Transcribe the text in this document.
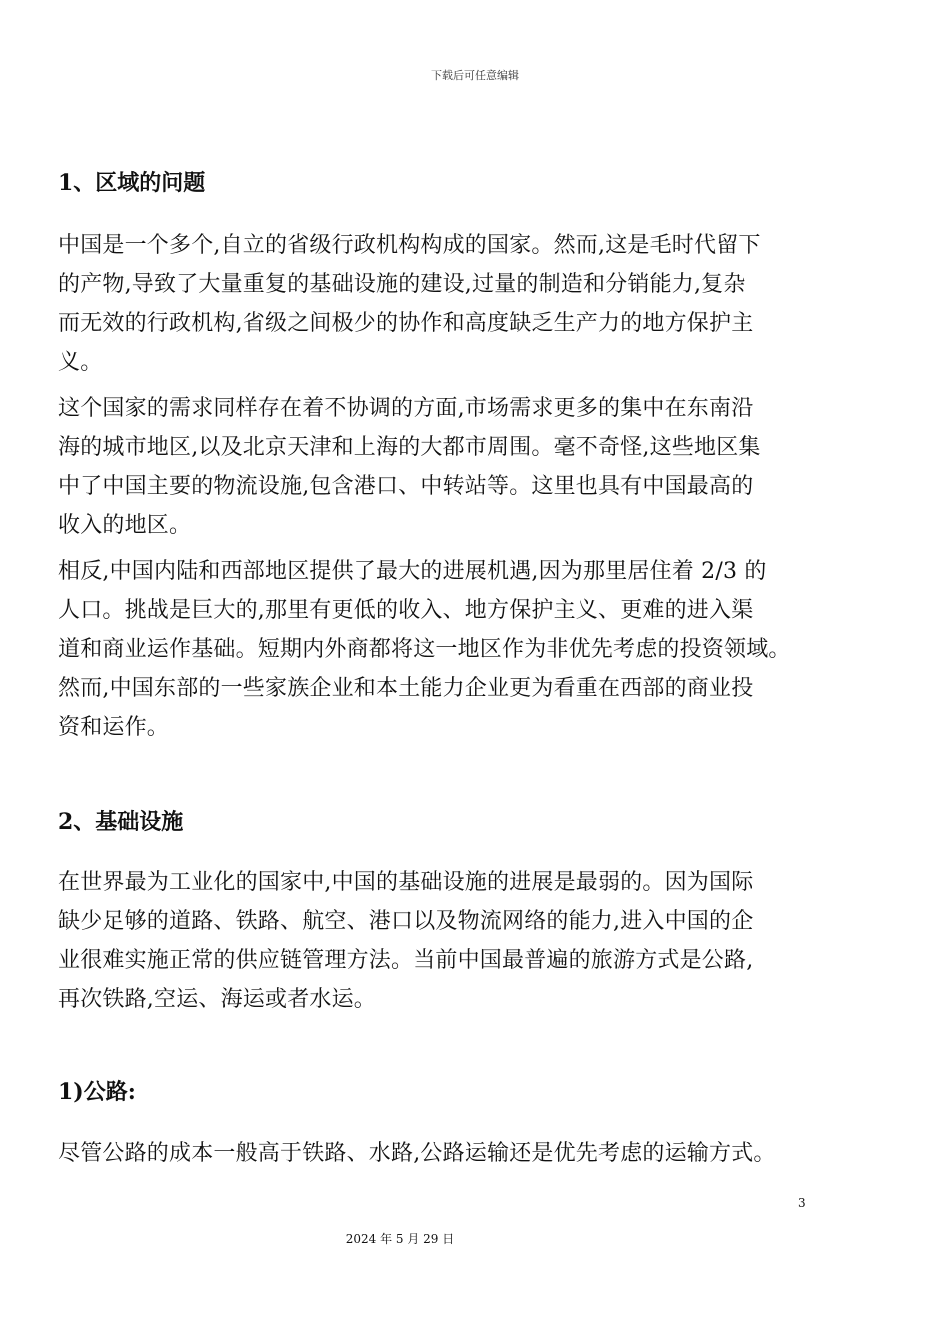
下载后可任意编辑
1、区域的问题
中国是一个多个,自立的省级行政机构构成的国家。然而,这是毛时代留下
的产物,导致了大量重复的基础设施的建设,过量的制造和分销能力,复杂
而无效的行政机构,省级之间极少的协作和高度缺乏生产力的地方保护主
义。
这个国家的需求同样存在着不协调的方面,市场需求更多的集中在东南沿
海的城市地区,以及北京天津和上海的大都市周围。毫不奇怪,这些地区集
中了中国主要的物流设施,包含港口、中转站等。这里也具有中国最高的
收入的地区。
相反,中国内陆和西部地区提供了最大的进展机遇,因为那里居住着 2/3 的
人口。挑战是巨大的,那里有更低的收入、地方保护主义、更难的进入渠
道和商业运作基础。短期内外商都将这一地区作为非优先考虑的投资领域。
然而,中国东部的一些家族企业和本土能力企业更为看重在西部的商业投
资和运作。
2、基础设施
在世界最为工业化的国家中,中国的基础设施的进展是最弱的。因为国际
缺少足够的道路、铁路、航空、港口以及物流网络的能力,进入中国的企
业很难实施正常的供应链管理方法。当前中国最普遍的旅游方式是公路,
再次铁路,空运、海运或者水运。
1)公路:
尽管公路的成本一般高于铁路、水路,公路运输还是优先考虑的运输方式。
3
2024 年 5 月 29 日
